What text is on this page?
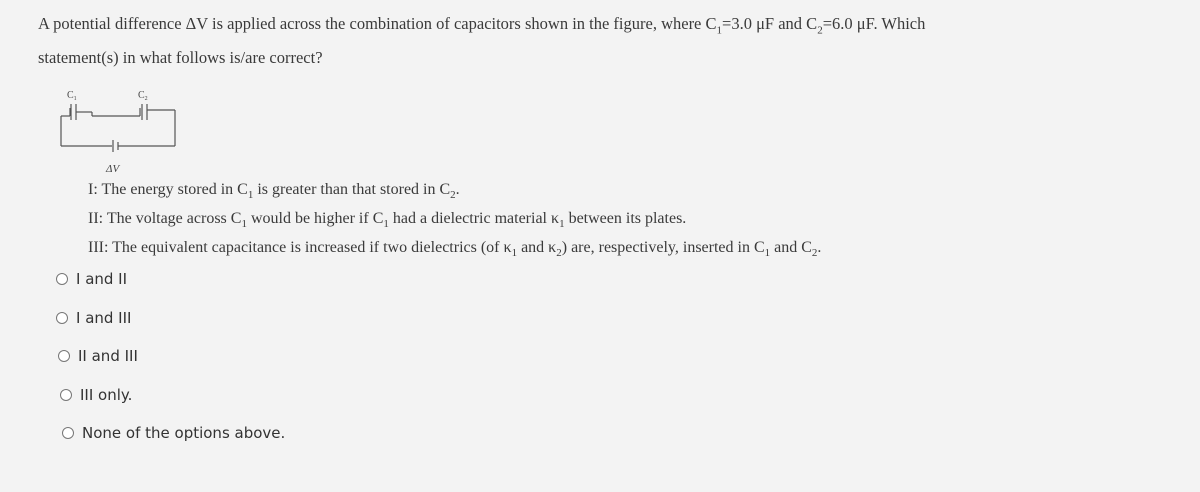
A potential difference ΔV is applied across the combination of capacitors shown in the figure, where $C_1=3.0$ μF and $C_2=6.0$ μF. Which
statement(s) in what follows is/are correct?
$C_1$	$C_2$
ΔV
I: The energy stored in $C_1$ is greater than that stored in $C_2$.
II: The voltage across $C_1$ would be higher if $C_1$ had a dielectric material $\kappa_1$ between its plates.
III: The equivalent capacitance is increased if two dielectrics (of $\kappa_1$ and $\kappa_2$) are, respectively, inserted in $C_1$ and $C_2$.
I and II
I and III
II and III
III only.
None of the options above.
